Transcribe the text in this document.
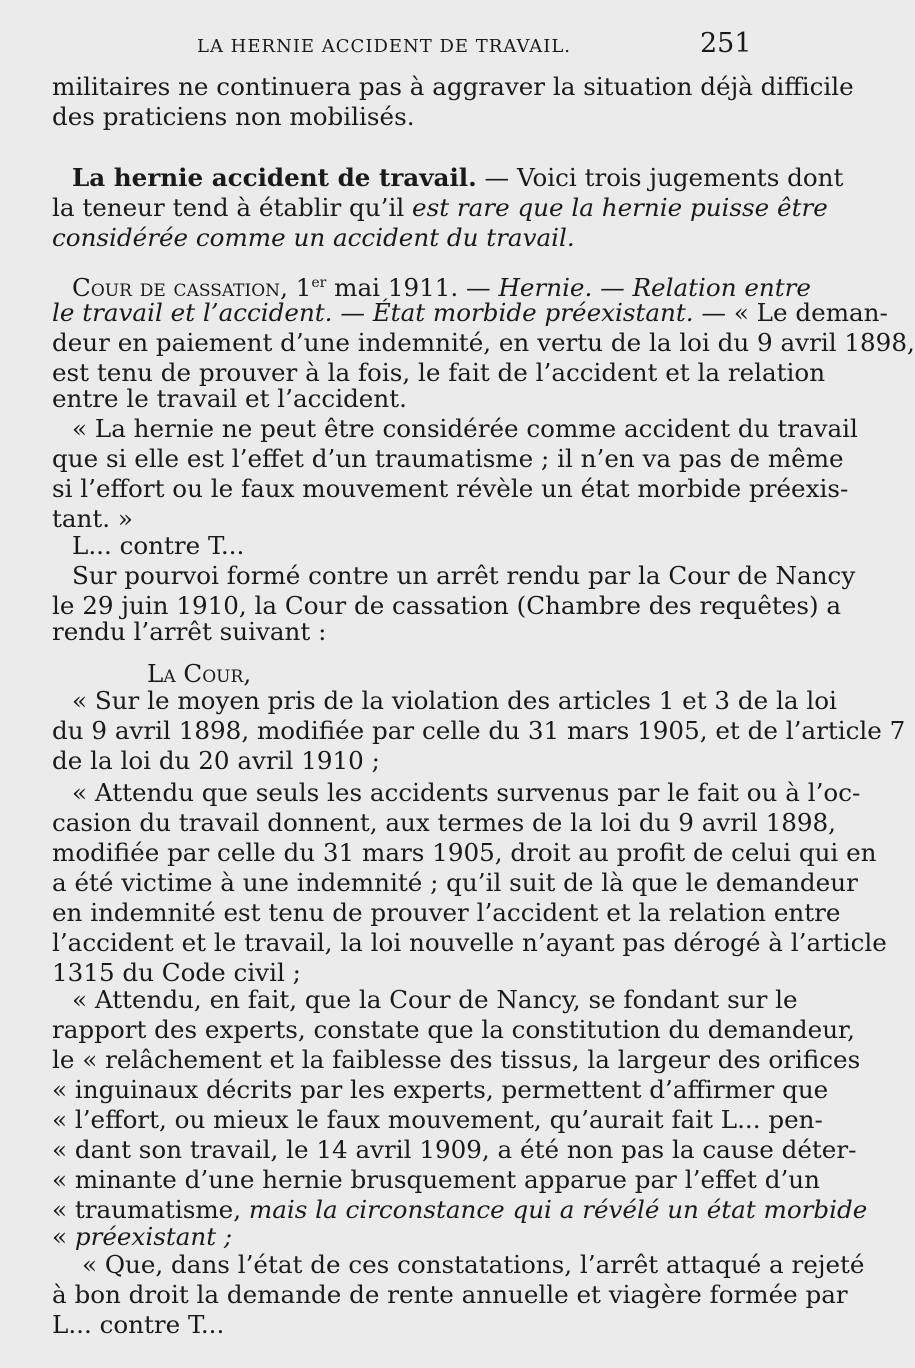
LA HERNIE ACCIDENT DE TRAVAIL.	251
militaires ne continuera pas à aggraver la situation déjà difficile
des praticiens non mobilisés.
La hernie accident de travail. — Voici trois jugements dont
la teneur tend à établir qu’il est rare que la hernie puisse être
considérée comme un accident du travail.
Cour de cassation, 1er mai 1911. — Hernie. — Relation entre
le travail et l’accident. — État morbide préexistant. — « Le deman-
deur en paiement d’une indemnité, en vertu de la loi du 9 avril 1898,
est tenu de prouver à la fois, le fait de l’accident et la relation
entre le travail et l’accident.
« La hernie ne peut être considérée comme accident du travail
que si elle est l’effet d’un traumatisme ; il n’en va pas de même
si l’effort ou le faux mouvement révèle un état morbide préexis-
tant. »
L... contre T...
Sur pourvoi formé contre un arrêt rendu par la Cour de Nancy
le 29 juin 1910, la Cour de cassation (Chambre des requêtes) a
rendu l’arrêt suivant :
La Cour,
« Sur le moyen pris de la violation des articles 1 et 3 de la loi
du 9 avril 1898, modifiée par celle du 31 mars 1905, et de l’article 7
de la loi du 20 avril 1910 ;
« Attendu que seuls les accidents survenus par le fait ou à l’oc-
casion du travail donnent, aux termes de la loi du 9 avril 1898,
modifiée par celle du 31 mars 1905, droit au profit de celui qui en
a été victime à une indemnité ; qu’il suit de là que le demandeur
en indemnité est tenu de prouver l’accident et la relation entre
l’accident et le travail, la loi nouvelle n’ayant pas dérogé à l’article
1315 du Code civil ;
« Attendu, en fait, que la Cour de Nancy, se fondant sur le
rapport des experts, constate que la constitution du demandeur,
le « relâchement et la faiblesse des tissus, la largeur des orifices
« inguinaux décrits par les experts, permettent d’affirmer que
« l’effort, ou mieux le faux mouvement, qu’aurait fait L... pen-
« dant son travail, le 14 avril 1909, a été non pas la cause déter-
« minante d’une hernie brusquement apparue par l’effet d’un
« traumatisme, mais la circonstance qui a révélé un état morbide
« préexistant ;
« Que, dans l’état de ces constatations, l’arrêt attaqué a rejeté
à bon droit la demande de rente annuelle et viagère formée par
L... contre T...
